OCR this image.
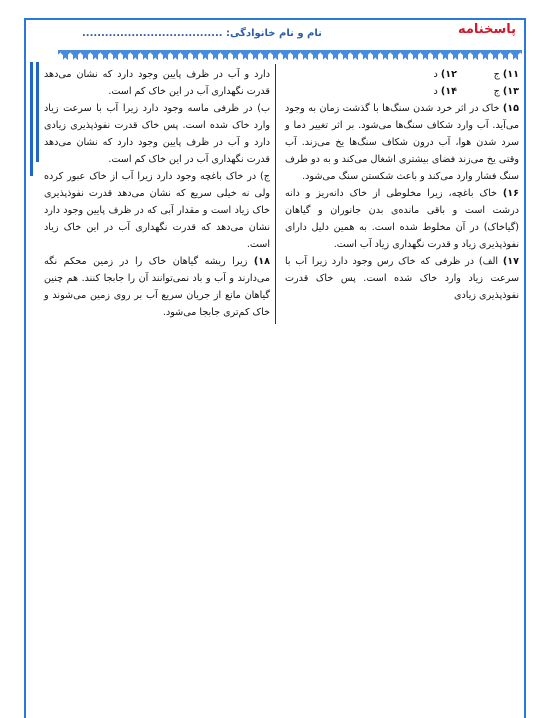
پاسخنامه
نام و نام خانوادگی: .....................................
۱۱) ج
۱۲) د
۱۳) ج
۱۴) د

۱۵) خاک در اثر خرد شدن سنگ‌ها با گذشت زمان به وجود می‌آید. آب وارد شکاف سنگ‌ها می‌شود. بر اثر تغییر دما و سرد شدن هوا، آب درون شکاف سنگ‌ها یخ می‌زند. آب وقتی یخ می‌زند فضای بیشتری اشغال می‌کند و به دو طرف سنگ فشار وارد می‌کند و باعث شکستن سنگ می‌شود.

۱۶) خاک باغچه، زیرا مخلوطی از خاک دانه‌ریز و دانه درشت است و باقی مانده‌ی بدن جانوران و گیاهان (گیاخاک) در آن مخلوط شده است. به همین دلیل دارای نفوذپذیری زیاد و قدرت نگهداری زیاد آب است.

۱۷) الف) در ظرفی که خاک رس وجود دارد زیرا آب با سرعت زیاد وارد خاک شده است. پس خاک قدرت نفوذپذیری زیادی

دارد و آب در ظرف پایین وجود دارد که نشان می‌دهد قدرت نگهداری آب در این خاک کم است.

ب) در ظرفی ماسه وجود دارد زیرا آب با سرعت زیاد وارد خاک شده است. پس خاک قدرت نفوذپذیری زیادی دارد و آب در ظرف پایین وجود دارد که نشان می‌دهد قدرت نگهداری آب در این خاک کم است.

ج) در خاک باغچه وجود دارد زیرا آب از خاک عبور کرده ولی نه خیلی سریع که نشان می‌دهد قدرت نفوذپذیری خاک زیاد است و مقدار آبی که در ظرف پایین وجود دارد نشان می‌دهد که قدرت نگهداری آب در این خاک زیاد است.

۱۸) زیرا ریشه گیاهان خاک را در زمین محکم نگه می‌دارند و آب و باد نمی‌توانند آن را جابجا کنند. هم چنین گیاهان مانع از جریان سریع آب بر روی زمین می‌شوند و خاک کم‌تری جابجا می‌شود.
